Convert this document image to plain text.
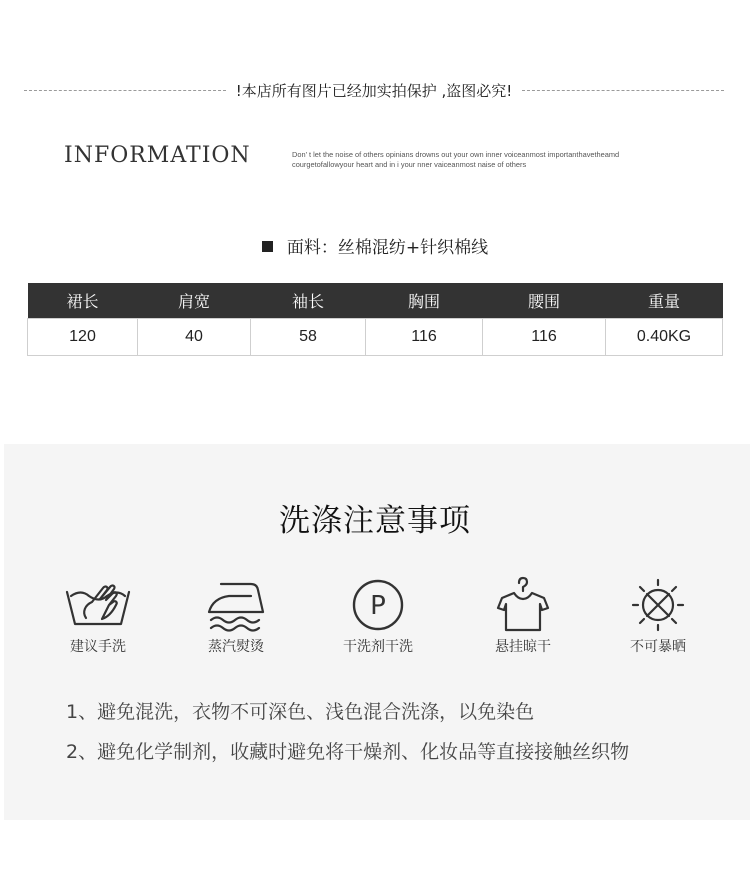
!本店所有图片已经加实拍保护 ,盗图必究!
INFORMATION	Don’ t let the noise of others opinians drowns out your own inner voiceanmost importanthavetheamd
courgetofallowyour heart and in i your nner vaiceanmost naise of others
面料：丝棉混纺+针织棉线
裙长	肩宽	袖长	胸围	腰围	重量
120	40	58	116	116	0.40KG
洗涤注意事项
建议手洗	蒸汽熨烫
P
干洗剂干洗	悬挂晾干	不可暴晒
1、避免混洗，衣物不可深色、浅色混合洗涤，以免染色
2、避免化学制剂，收藏时避免将干燥剂、化妆品等直接接触丝织物
